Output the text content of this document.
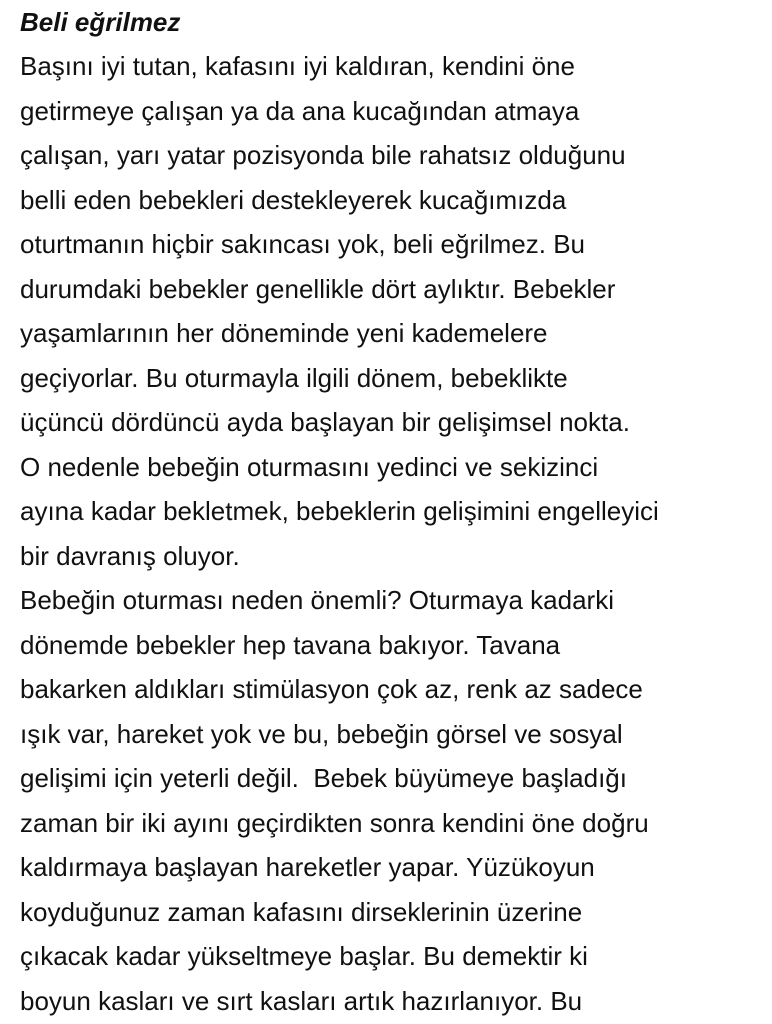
Beli eğrilmez

Başını iyi tutan, kafasını iyi kaldıran, kendini öne

getirmeye çalışan ya da ana kucağından atmaya

çalışan, yarı yatar pozisyonda bile rahatsız olduğunu

belli eden bebekleri destekleyerek kucağımızda

oturtmanın hiçbir sakıncası yok, beli eğrilmez. Bu

durumdaki bebekler genellikle dört aylıktır. Bebekler

yaşamlarının her döneminde yeni kademelere

geçiyorlar. Bu oturmayla ilgili dönem, bebeklikte

üçüncü dördüncü ayda başlayan bir gelişimsel nokta.

O nedenle bebeğin oturmasını yedinci ve sekizinci

ayına kadar bekletmek, bebeklerin gelişimini engelleyici

bir davranış oluyor.

Bebeğin oturması neden önemli? Oturmaya kadarki

dönemde bebekler hep tavana bakıyor. Tavana

bakarken aldıkları stimülasyon çok az, renk az sadece

ışık var, hareket yok ve bu, bebeğin görsel ve sosyal

gelişimi için yeterli değil.  Bebek büyümeye başladığı

zaman bir iki ayını geçirdikten sonra kendini öne doğru

kaldırmaya başlayan hareketler yapar. Yüzükoyun

koyduğunuz zaman kafasını dirseklerinin üzerine

çıkacak kadar yükseltmeye başlar. Bu demektir ki

boyun kasları ve sırt kasları artık hazırlanıyor. Bu
